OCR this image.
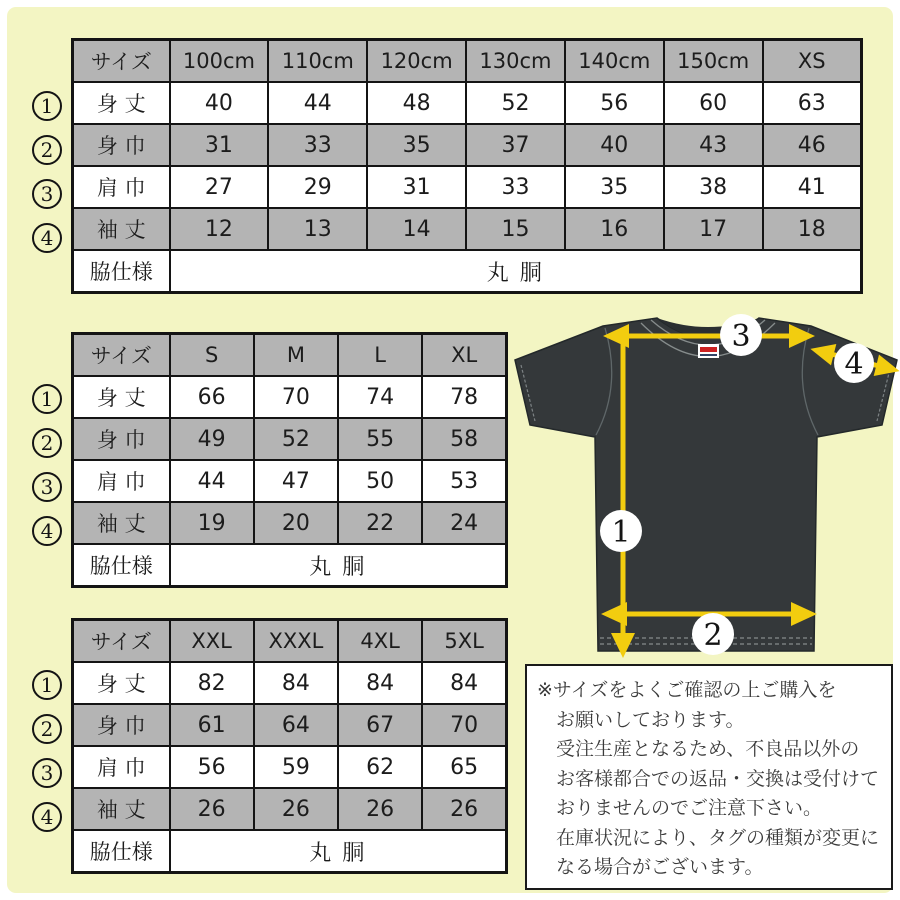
1
2
3
4
1
2
3
4
1
2
3
4
サイズ	100cm	110cm	120cm	130cm	140cm	150cm	XS
身 丈	40	44	48	52	56	60	63
身 巾	31	33	35	37	40	43	46
肩 巾	27	29	31	33	35	38	41
袖 丈	12	13	14	15	16	17	18
脇仕様	丸 胴						
サイズ	S	M	L	XL
身 丈	66	70	74	78
身 巾	49	52	55	58
肩 巾	44	47	50	53
袖 丈	19	20	22	24
脇仕様	丸 胴			
サイズ	XXL	XXXL	4XL	5XL
身 丈	82	84	84	84
身 巾	61	64	67	70
肩 巾	56	59	62	65
袖 丈	26	26	26	26
脇仕様	丸 胴			
3
4
1
2
※サイズをよくご確認の上ご購入を
お願いしております。
受注生産となるため、不良品以外の
お客様都合での返品・交換は受付けて
おりませんのでご注意下さい。
在庫状況により、タグの種類が変更に
なる場合がございます。
